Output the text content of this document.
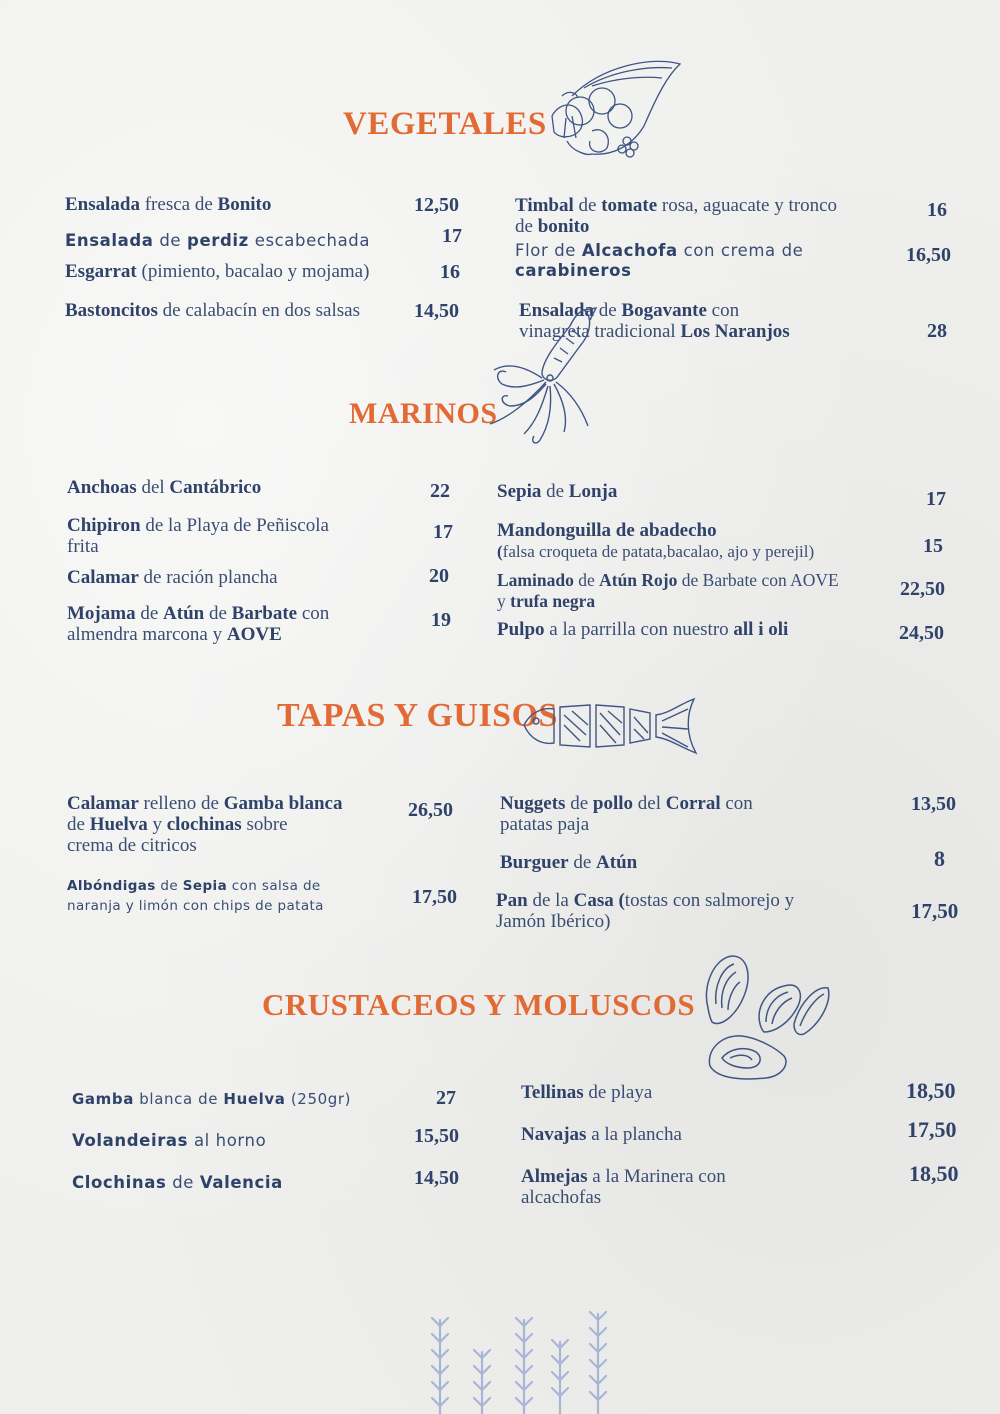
VEGETALES
Ensalada fresca de Bonito	12,50
Ensalada de perdiz escabechada	17
Esgarrat (pimiento, bacalao y mojama)	16
Bastoncitos de calabacín en dos salsas	14,50
Timbal de tomate rosa, aguacate y tronco
de bonito
16
Flor de Alcachofa con crema de
carabineros
16,50
Ensalada de Bogavante con
vinagreta tradicional Los Naranjos	28
MARINOS
Anchoas del Cantábrico	22
Chipiron de la Playa de Peñiscola
frita
17
Calamar de ración plancha	20
Mojama de Atún de Barbate con
almendra marcona y AOVE
19
Sepia de Lonja	17
Mandonguilla de abadecho
(falsa croqueta de patata,bacalao, ajo y perejil)	15
Laminado de Atún Rojo de Barbate con AOVE
y trufa negra
22,50
Pulpo a la parrilla con nuestro all i oli	24,50
TAPAS Y GUISOS
Calamar relleno de Gamba blanca
de Huelva y clochinas sobre
crema de citricos
26,50
Albóndigas de Sepia con salsa de
naranja y limón con chips de patata	17,50
Nuggets de pollo del Corral con
patatas paja
13,50
Burguer de Atún	8
Pan de la Casa (tostas con salmorejo y
Jamón Ibérico)	17,50
CRUSTACEOS Y MOLUSCOS
Gamba blanca de Huelva (250gr)	27
Volandeiras al horno	15,50
Clochinas de Valencia	14,50
Tellinas de playa	18,50
Navajas a la plancha	17,50
Almejas a la Marinera con
alcachofas
18,50
